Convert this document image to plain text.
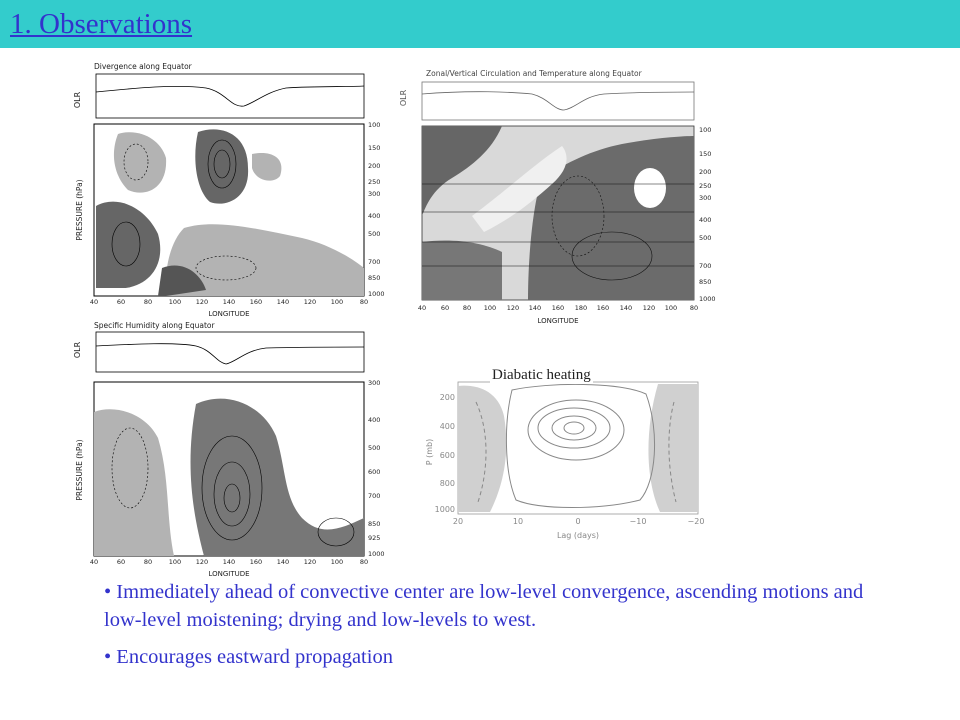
1. Observations
Divergence along Equator
OLR
PRESSURE (hPa)
100
150
200
250
300
400
500
700
850
1000
40	60	80	100 120 140 160 140 120 100	80
LONGITUDE
Zonal/Vertical Circulation and Temperature along Equator
OLR
100
150
200
250
300
400
500
700
850
1000
40 60 80 100 120 140 160 180 160 140 120 100 80
LONGITUDE
Specific Humidity along Equator
OLR
PRESSURE (hPa)
300
400
500
600
700
850
925
1000
40	60	80	100 120 140 160 140 120 100	80
LONGITUDE
P (mb)
200
400
600
800
1000
20	10	0	−10	−20
Lag (days)
Diabatic heating

• Immediately ahead of convective center are low-level convergence, ascending motions and low-level moistening; drying and low-levels to west.

• Encourages eastward propagation
